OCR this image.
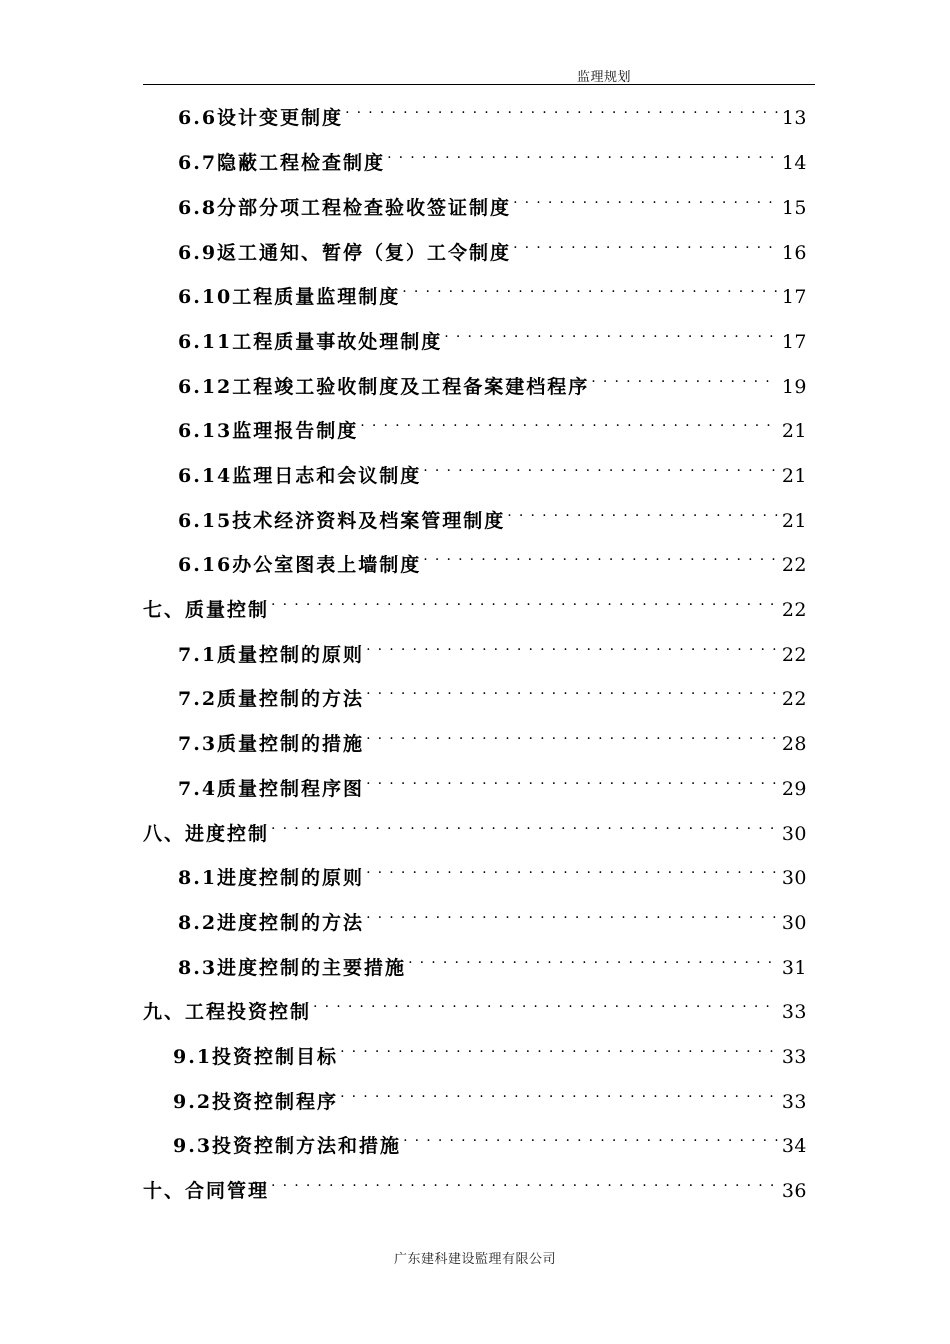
监理规划
6.6设计变更制度 . . .	13
6.7隐蔽工程检查制度 . . .	14
6.8分部分项工程检查验收签证制度 . . .	15
6.9返工通知、暂停（复）工令制度 . . .	16
6.10工程质量监理制度 . . .	17
6.11工程质量事故处理制度 . . .	17
6.12工程竣工验收制度及工程备案建档程序 . . .	19
6.13监理报告制度 . . .	21
6.14监理日志和会议制度 . . .	21
6.15技术经济资料及档案管理制度 . . .	21
6.16办公室图表上墙制度 . . .	22
七、质量控制 . . .	22
7.1质量控制的原则 . . .	22
7.2质量控制的方法 . . .	22
7.3质量控制的措施 . . .	28
7.4质量控制程序图 . . .	29
八、进度控制 . . .	30
8.1进度控制的原则 . . .	30
8.2进度控制的方法 . . .	30
8.3进度控制的主要措施 . . .	31
九、工程投资控制 . . .	33
9.1投资控制目标 . . .	33
9.2投资控制程序 . . .	33
9.3投资控制方法和措施 . . .	34
十、合同管理 . . .	36
广东建科建设監理有限公司
